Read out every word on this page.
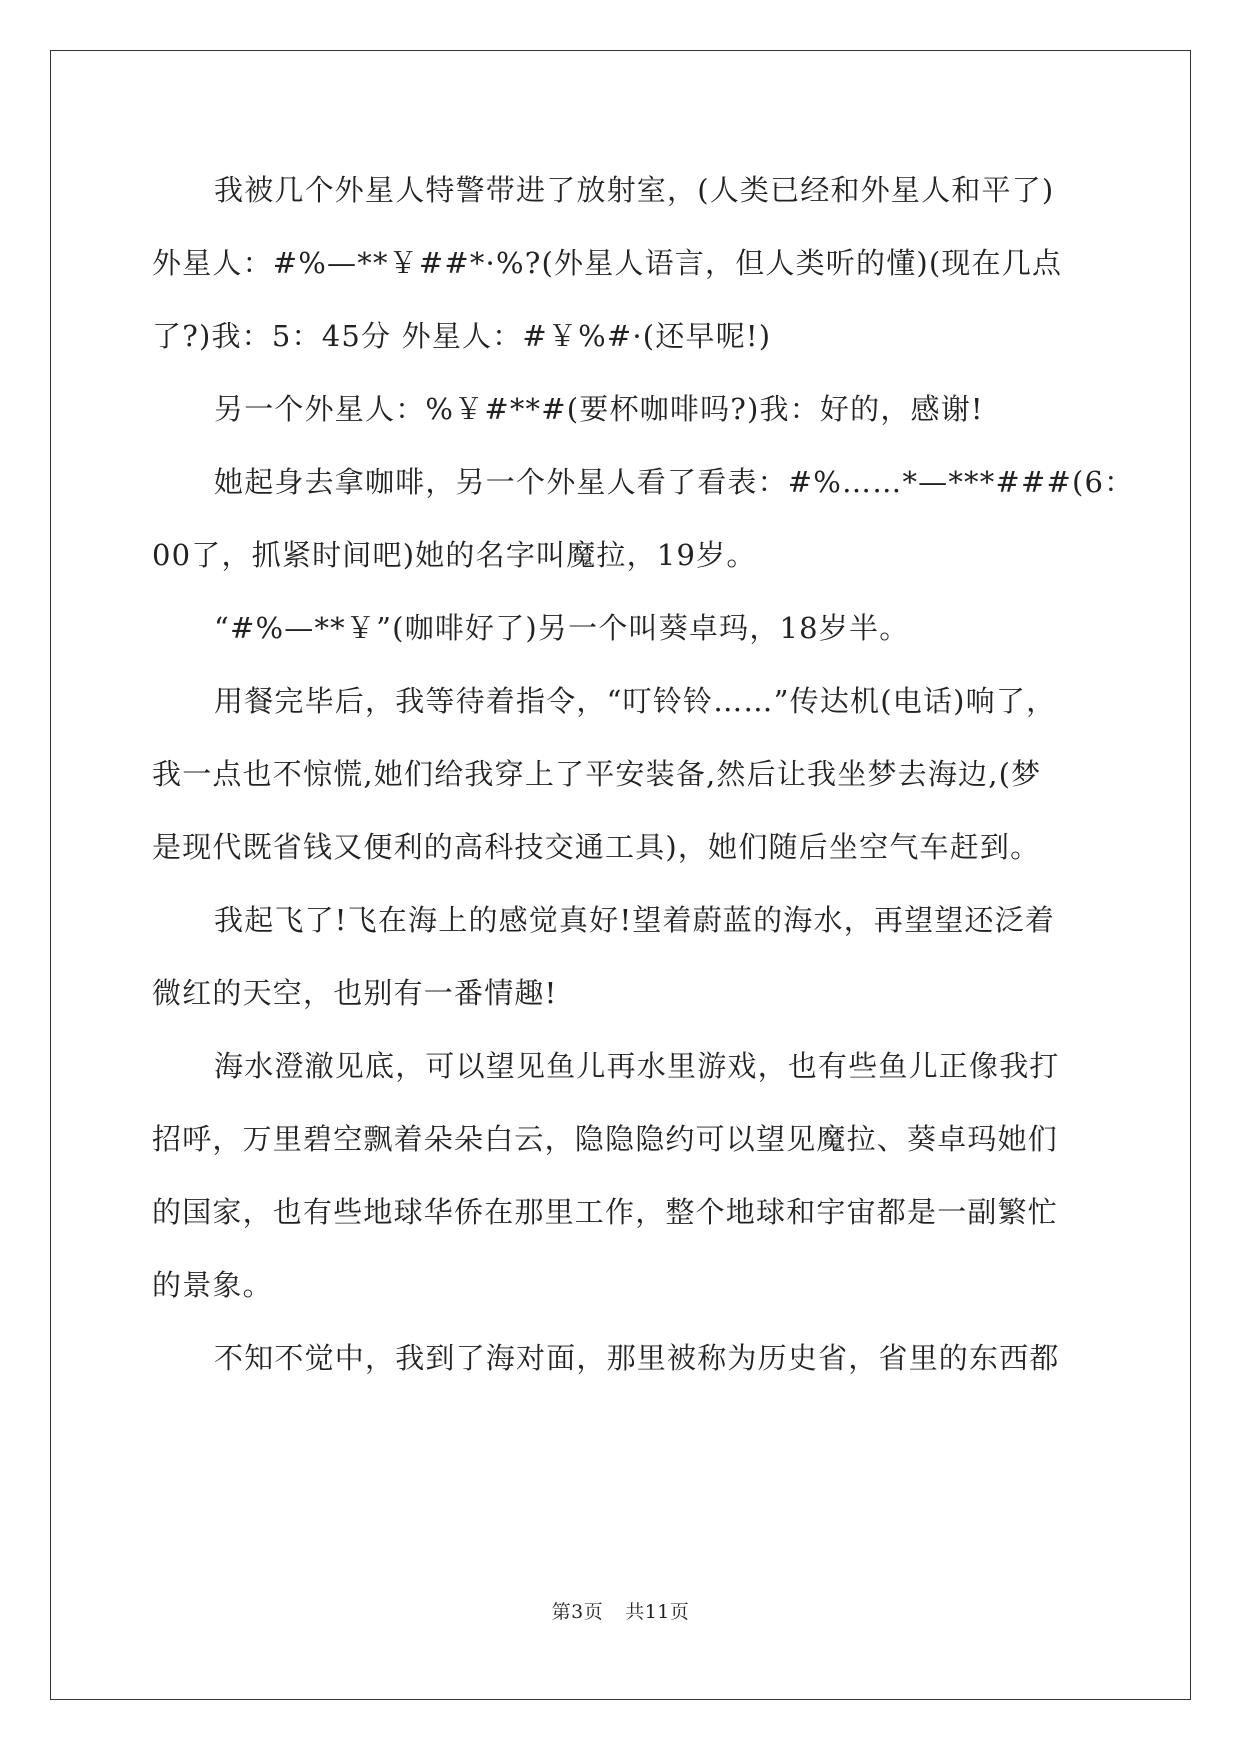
我被几个外星人特警带进了放射室，(人类已经和外星人和平了)
外星人：#%—**￥##*·%?(外星人语言，但人类听的懂)(现在几点
了?)我：5：45分 外星人：#￥%#·(还早呢!)
另一个外星人：%￥#**#(要杯咖啡吗?)我：好的，感谢!
她起身去拿咖啡，另一个外星人看了看表：#%……*—***###(6：
00了，抓紧时间吧)她的名字叫魔拉，19岁。
“#%—**￥”(咖啡好了)另一个叫葵卓玛，18岁半。
用餐完毕后，我等待着指令，“叮铃铃……”传达机(电话)响了，
我一点也不惊慌,她们给我穿上了平安装备,然后让我坐梦去海边,(梦
是现代既省钱又便利的高科技交通工具)，她们随后坐空气车赶到。
我起飞了!飞在海上的感觉真好!望着蔚蓝的海水，再望望还泛着
微红的天空，也别有一番情趣!
海水澄澈见底，可以望见鱼儿再水里游戏，也有些鱼儿正像我打
招呼，万里碧空飘着朵朵白云，隐隐隐约可以望见魔拉、葵卓玛她们
的国家，也有些地球华侨在那里工作，整个地球和宇宙都是一副繁忙
的景象。
不知不觉中，我到了海对面，那里被称为历史省，省里的东西都
第3页 共11页
